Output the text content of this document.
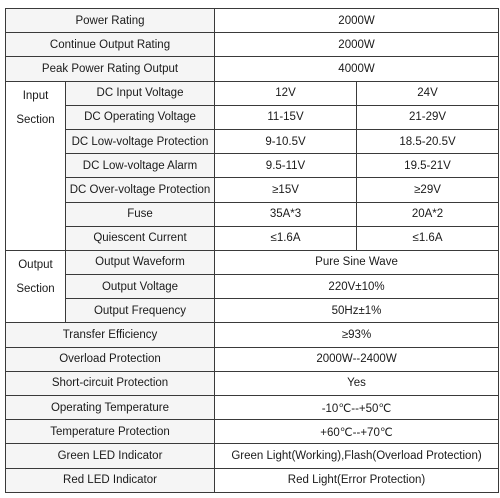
Power Rating		2000W	
Continue Output Rating		2000W	
Peak Power Rating Output		4000W	

Input
Section	DC Input Voltage	12V	24V
	DC Operating Voltage	11-15V	21-29V
	DC Low-voltage Protection	9-10.5V	18.5-20.5V
	DC Low-voltage Alarm	9.5-11V	19.5-21V
	DC Over-voltage Protection	≥15V	≥29V
	Fuse	35A*3	20A*2
	Quiescent Current	≤1.6A	≤1.6A

Output
Section	Output Waveform	Pure Sine Wave	
	Output Voltage	220V±10%	
	Output Frequency	50Hz±1%	
Transfer Efficiency		≥93%	
Overload Protection		2000W--2400W	
Short-circuit Protection		Yes	
Operating Temperature		-10℃--+50℃	
Temperature Protection		+60℃--+70℃	
Green LED Indicator		Green Light(Working),Flash(Overload Protection)	
Red LED Indicator		Red Light(Error Protection)	
